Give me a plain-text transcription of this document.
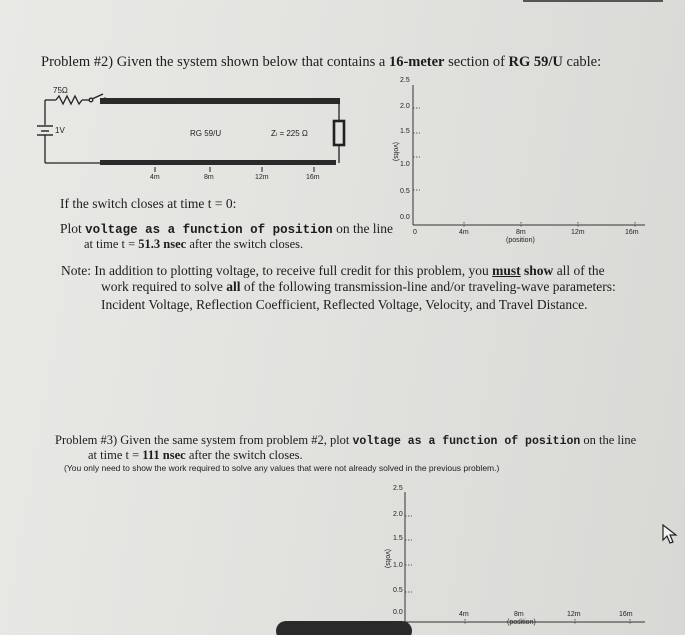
Problem #2) Given the system shown below that contains a 16-meter section of RG 59/U cable:
75Ω
1V	RG 59/U	Zₗ = 225 Ω
4m	8m	12m	16m
2.5
2.0
1.5
1.0
0.5
0.0
(volts)
0	4m	8m	12m	16m
(position)
If the switch closes at time t = 0:
Plot voltage as a function of position on the line
at time t = 51.3 nsec after the switch closes.
Note: In addition to plotting voltage, to receive full credit for this problem, you must show all of the
work required to solve all of the following transmission-line and/or traveling-wave parameters:
Incident Voltage, Reflection Coefficient, Reflected Voltage, Velocity, and Travel Distance.
Problem #3) Given the same system from problem #2, plot voltage as a function of position on the line
at time t = 111 nsec after the switch closes.
(You only need to show the work required to solve any values that were not already solved in the previous problem.)
2.5
2.0
1.5
1.0
0.5
0.0
(volts)
4m	8m	12m	16m
(position)
